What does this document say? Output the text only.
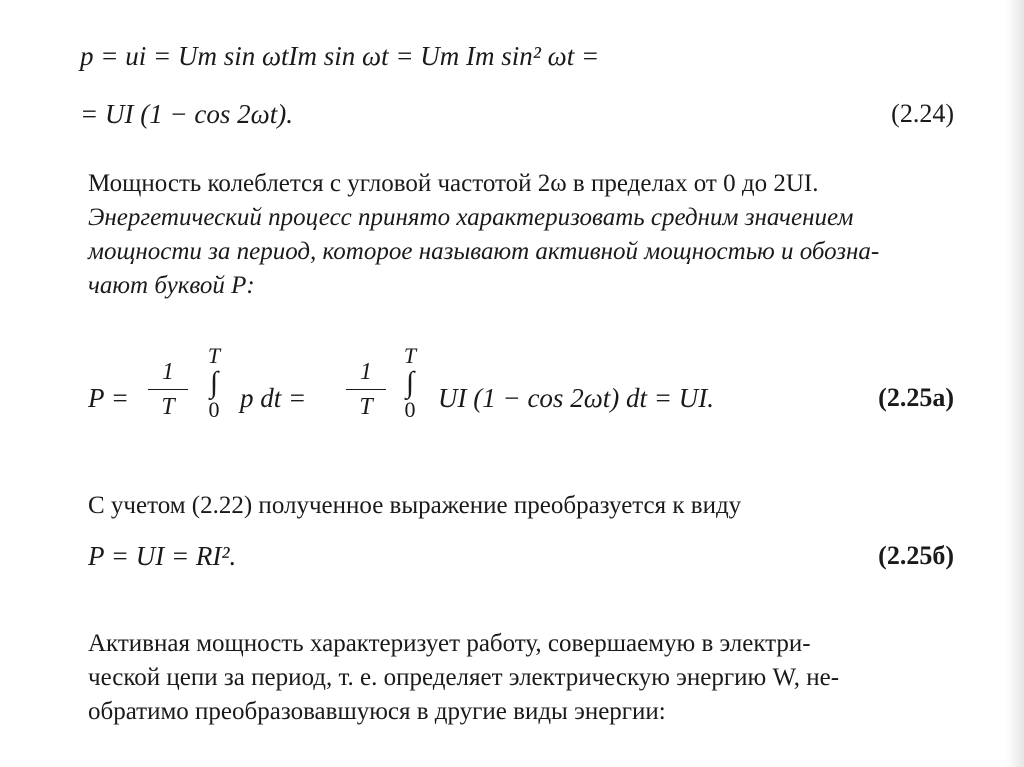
p = ui = Um sin ωtIm sin ωt = Um Im sin² ωt =
= UI (1 − cos 2ωt).	(2.24)
Мощность колеблется с угловой частотой 2ω в пределах от 0 до 2UI.
Энергетический процесс принято характеризовать средним значением
мощности за период, которое называют активной мощностью и обозна-
чают буквой P:
P =
1
T
T
∫
0 p dt =
1
T
T
∫
0 UI (1 − cos 2ωt) dt = UI.	(2.25а)
С учетом (2.22) полученное выражение преобразуется к виду
P = UI = RI².	(2.25б)
Активная мощность характеризует работу, совершаемую в электри-
ческой цепи за период, т. е. определяет электрическую энергию W, не-
обратимо преобразовавшуюся в другие виды энергии:
